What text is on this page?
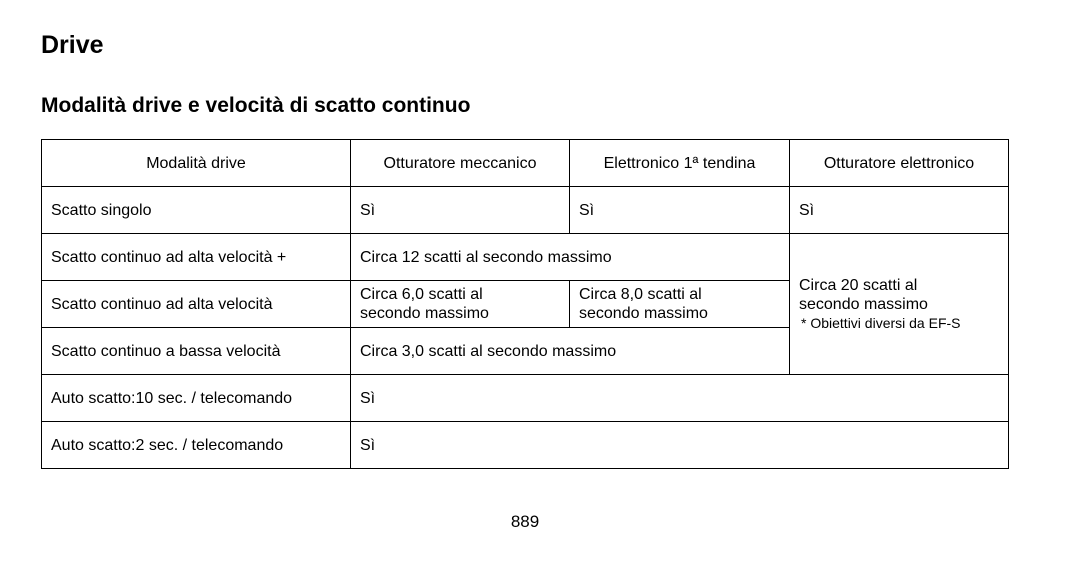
Drive
Modalità drive e velocità di scatto continuo
Modalità drive	Otturatore meccanico	Elettronico 1ª tendina	Otturatore elettronico
Scatto singolo	Sì	Sì	Sì
Scatto continuo ad alta velocità +	Circa 12 scatti al secondo massimo		Circa 20 scatti al
secondo massimo
* Obiettivi diversi da EF-S

Scatto continuo ad alta velocità	Circa 6,0 scatti al
secondo massimo	Circa 8,0 scatti al
secondo massimo	
Scatto continuo a bassa velocità	Circa 3,0 scatti al secondo massimo		
Auto scatto:10 sec. / telecomando	Sì		
Auto scatto:2 sec. / telecomando	Sì		
889
